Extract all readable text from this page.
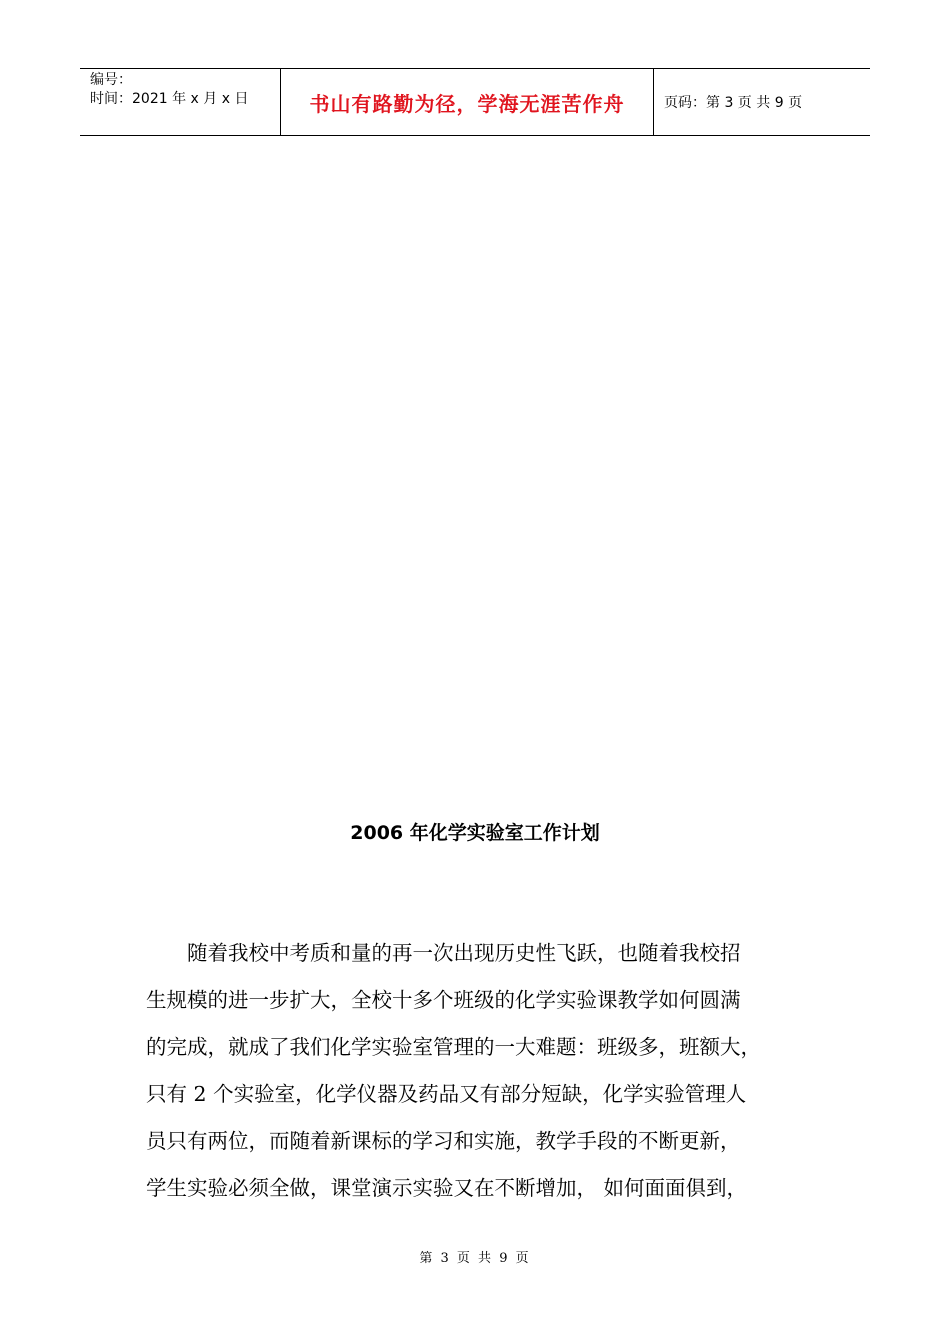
编号：
时间：2021 年 x 月 x 日	书山有路勤为径，学海无涯苦作舟	页码：第 3 页 共 9 页
2006 年化学实验室工作计划
随着我校中考质和量的再一次出现历史性飞跃，也随着我校招
生规模的进一步扩大，全校十多个班级的化学实验课教学如何圆满
的完成，就成了我们化学实验室管理的一大难题：班级多，班额大，
只有 2 个实验室，化学仪器及药品又有部分短缺，化学实验管理人
员只有两位，而随着新课标的学习和实施，教学手段的不断更新，
学生实验必须全做，课堂演示实验又在不断增加， 如何面面俱到，
第 3 页 共 9 页
